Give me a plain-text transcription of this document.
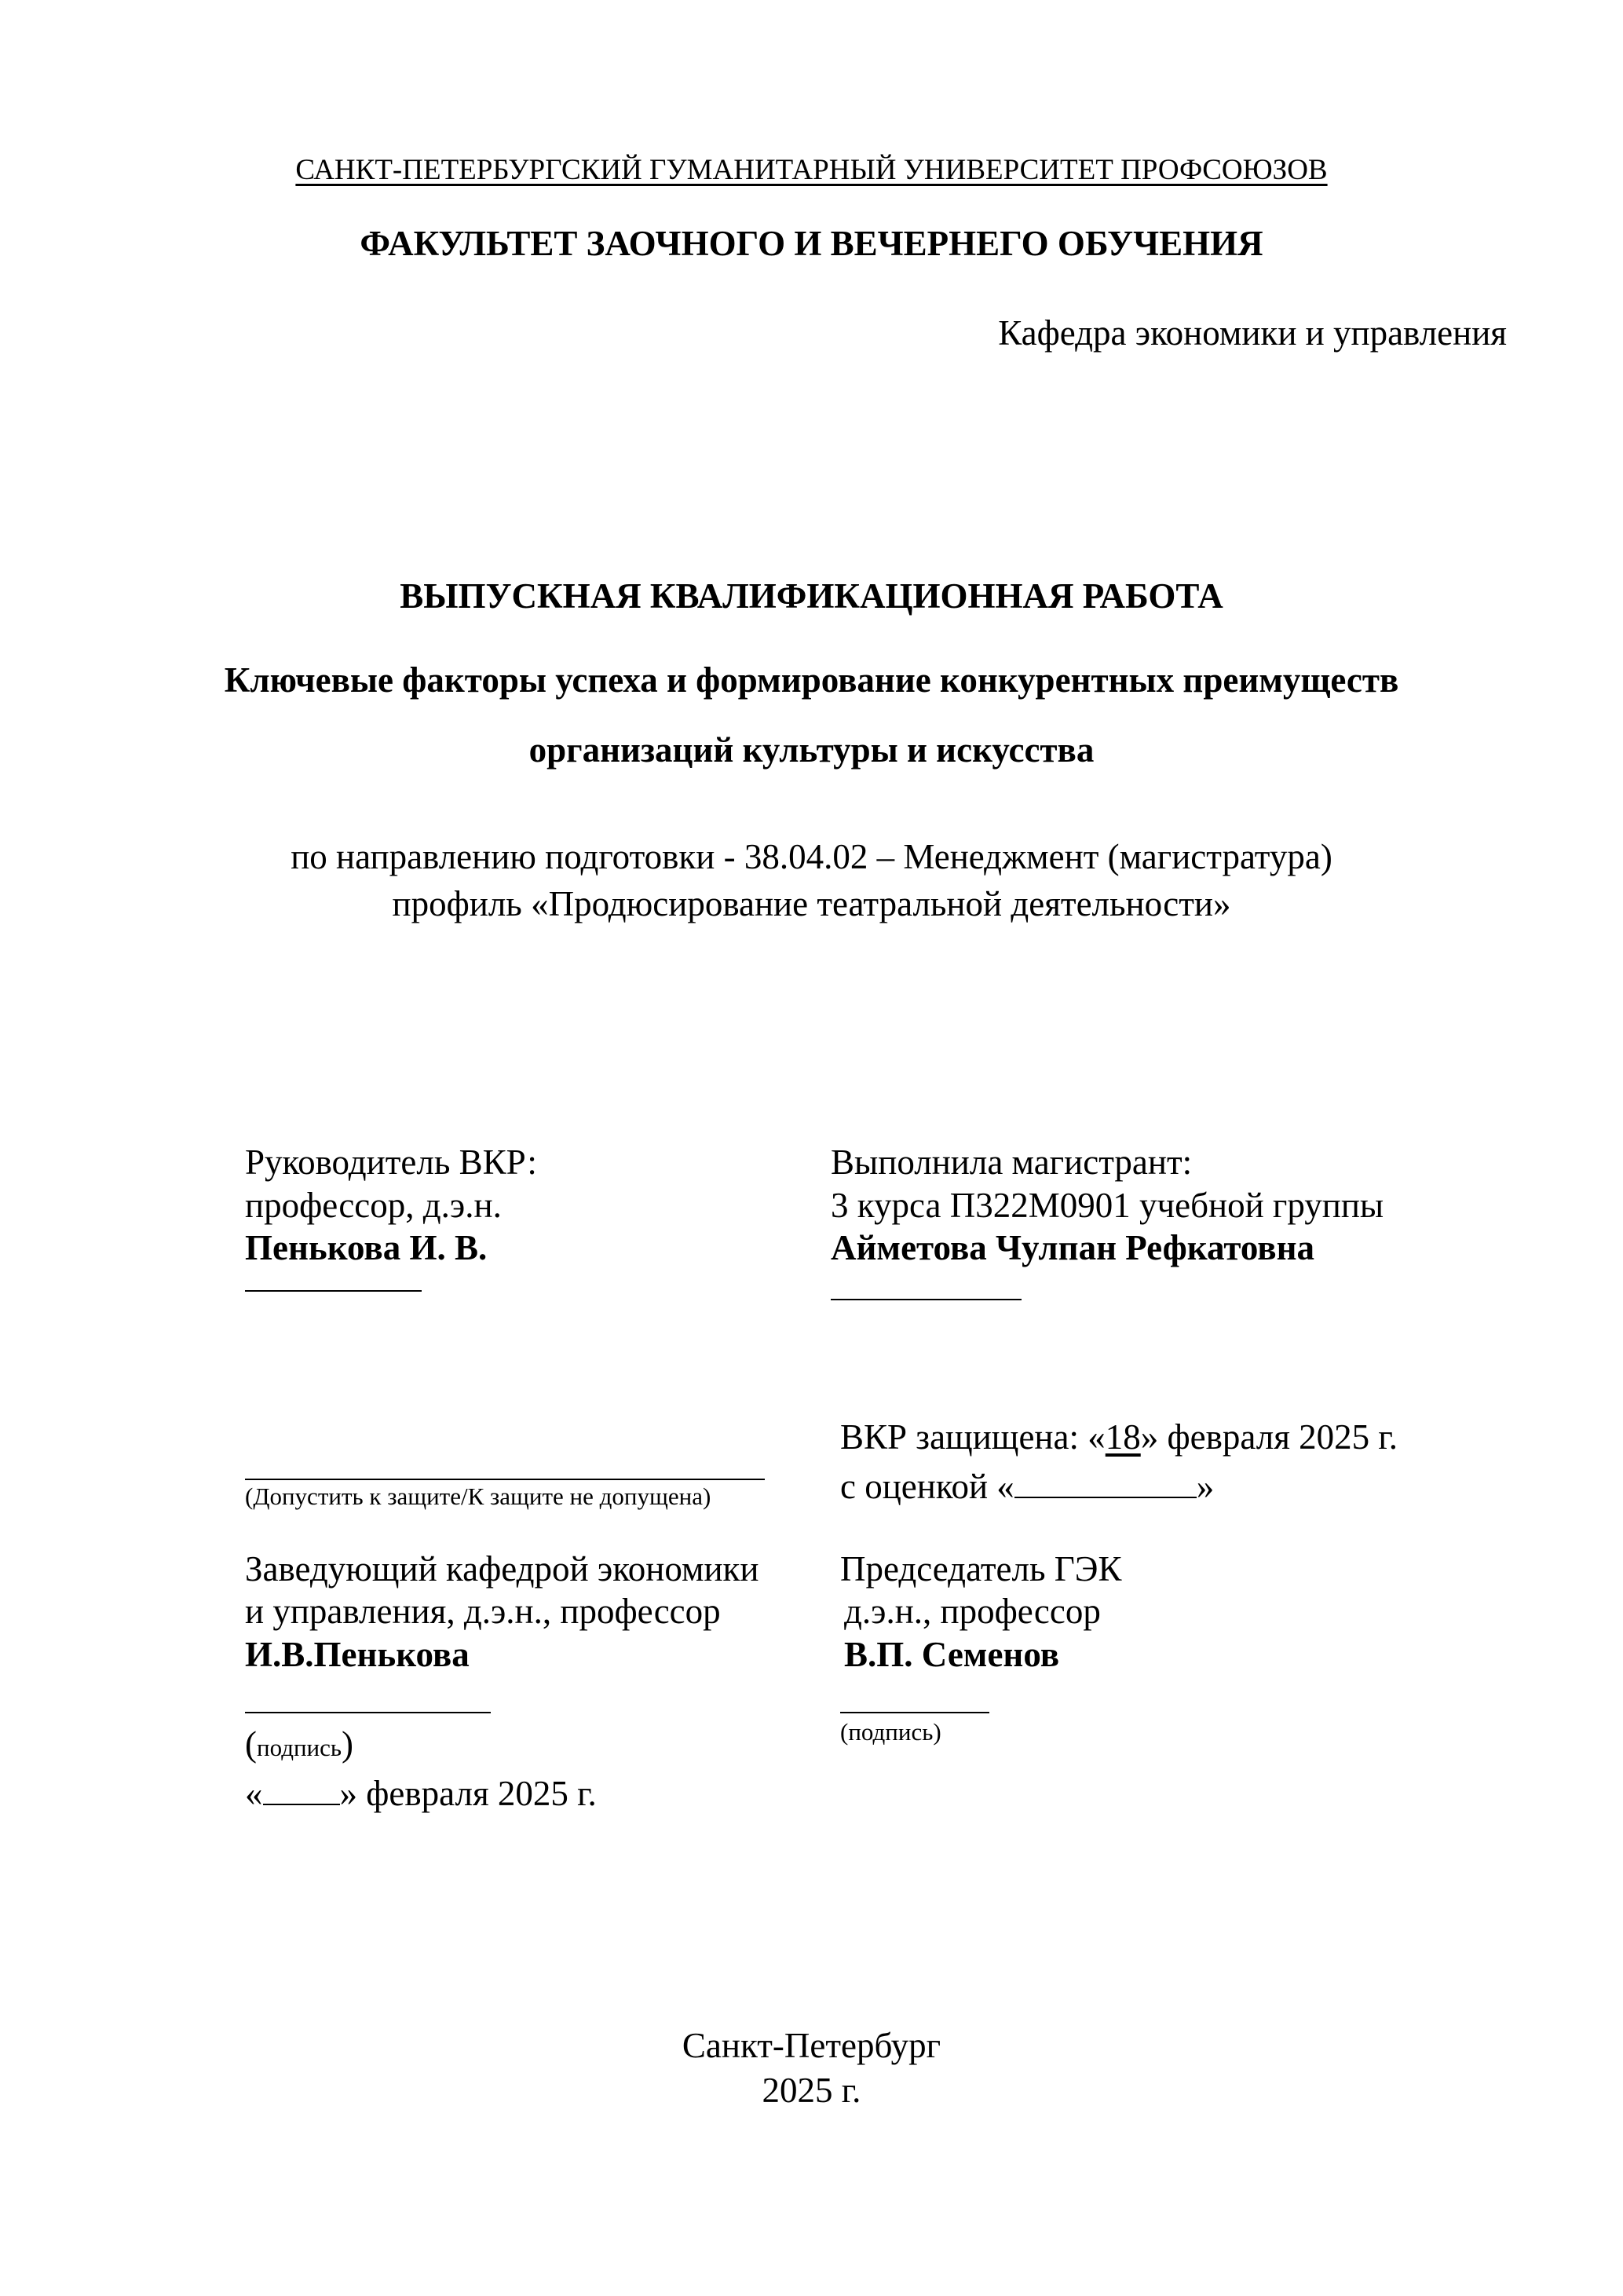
САНКТ-ПЕТЕРБУРГСКИЙ ГУМАНИТАРНЫЙ УНИВЕРСИТЕТ ПРОФСОЮЗОВ
ФАКУЛЬТЕТ ЗАОЧНОГО И ВЕЧЕРНЕГО ОБУЧЕНИЯ
Кафедра экономики и управления
ВЫПУСКНАЯ КВАЛИФИКАЦИОННАЯ РАБОТА
Ключевые факторы успеха и формирование конкурентных преимуществ
организаций культуры и искусства
по направлению подготовки - 38.04.02 – Менеджмент (магистратура)
профиль «Продюсирование театральной деятельности»
Руководитель ВКР:
профессор, д.э.н.
Пенькова И. В.
Выполнила магистрант:
3 курса П322М0901 учебной группы
Айметова Чулпан Рефкатовна
(Допустить к защите/К защите не допущена)
ВКР защищена: «18» февраля 2025 г.
с оценкой «	»
Заведующий кафедрой экономики
и управления, д.э.н., профессор
И.В.Пенькова
(подпись)
« » февраля 2025 г.
Председатель ГЭК
д.э.н., профессор
В.П. Семенов
(подпись)
Санкт-Петербург
2025 г.
